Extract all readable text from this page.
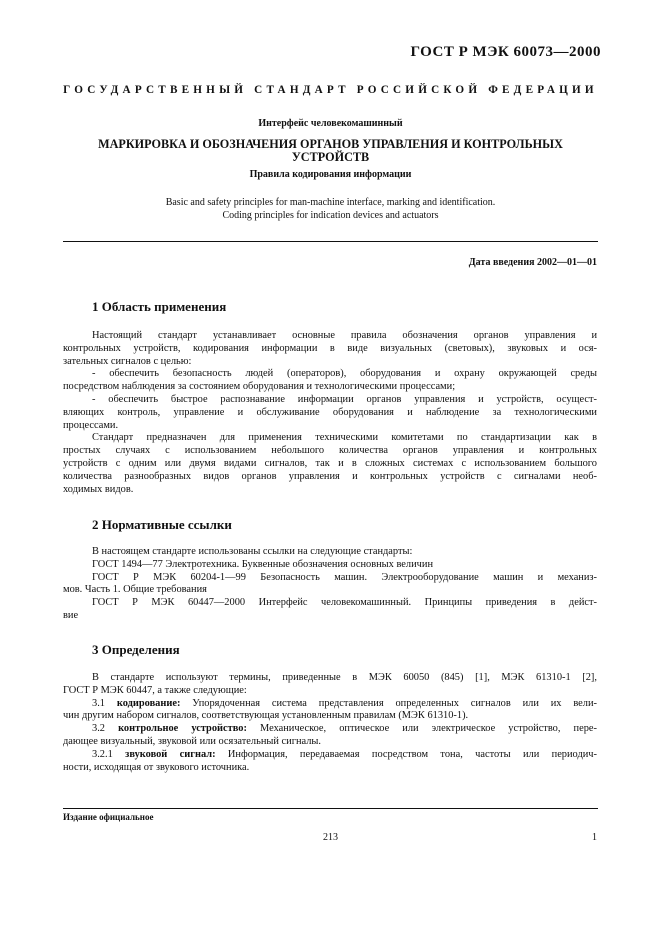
ГОСТ Р МЭК 60073—2000
ГОСУДАРСТВЕННЫЙ СТАНДАРТ РОССИЙСКОЙ ФЕДЕРАЦИИ
Интерфейс человекомашинный
МАРКИРОВКА И ОБОЗНАЧЕНИЯ ОРГАНОВ УПРАВЛЕНИЯ И КОНТРОЛЬНЫХ
УСТРОЙСТВ
Правила кодирования информации
Basic and safety principles for man-machine interface, marking and identification.
Coding principles for indication devices and actuators
Дата введения 2002—01—01
1 Область применения
Настоящий стандарт устанавливает основные правила обозначения органов управления и
контрольных устройств, кодирования информации в виде визуальных (световых), звуковых и ося-
зательных сигналов с целью:
- обеспечить безопасность людей (операторов), оборудования и охрану окружающей среды
посредством наблюдения за состоянием оборудования и технологическими процессами;
- обеспечить быстрое распознавание информации органов управления и устройств, осущест-
вляющих контроль, управление и обслуживание оборудования и наблюдение за технологическими
процессами.
Стандарт предназначен для применения техническими комитетами по стандартизации как в
простых случаях с использованием небольшого количества органов управления и контрольных
устройств с одним или двумя видами сигналов, так и в сложных системах с использованием большого
количества разнообразных видов органов управления и контрольных устройств с сигналами необ-
ходимых видов.
2 Нормативные ссылки
В настоящем стандарте использованы ссылки на следующие стандарты:
ГОСТ 1494—77 Электротехника. Буквенные обозначения основных величин
ГОСТ Р МЭК 60204-1—99 Безопасность машин. Электрооборудование машин и механиз-
мов. Часть 1. Общие требования
ГОСТ Р МЭК 60447—2000 Интерфейс человекомашинный. Принципы приведения в дейст-
вие
3 Определения
В стандарте используют термины, приведенные в МЭК 60050 (845) [1], МЭК 61310-1 [2],
ГОСТ Р МЭК 60447, а также следующие:
3.1 кодирование: Упорядоченная система представления определенных сигналов или их вели-
чин другим набором сигналов, соответствующая установленным правилам (МЭК 61310-1).
3.2 контрольное устройство: Механическое, оптическое или электрическое устройство, пере-
дающее визуальный, звуковой или осязательный сигналы.
3.2.1 звуковой сигнал: Информация, передаваемая посредством тона, частоты или периодич-
ности, исходящая от звукового источника.
Издание официальное
213	1
